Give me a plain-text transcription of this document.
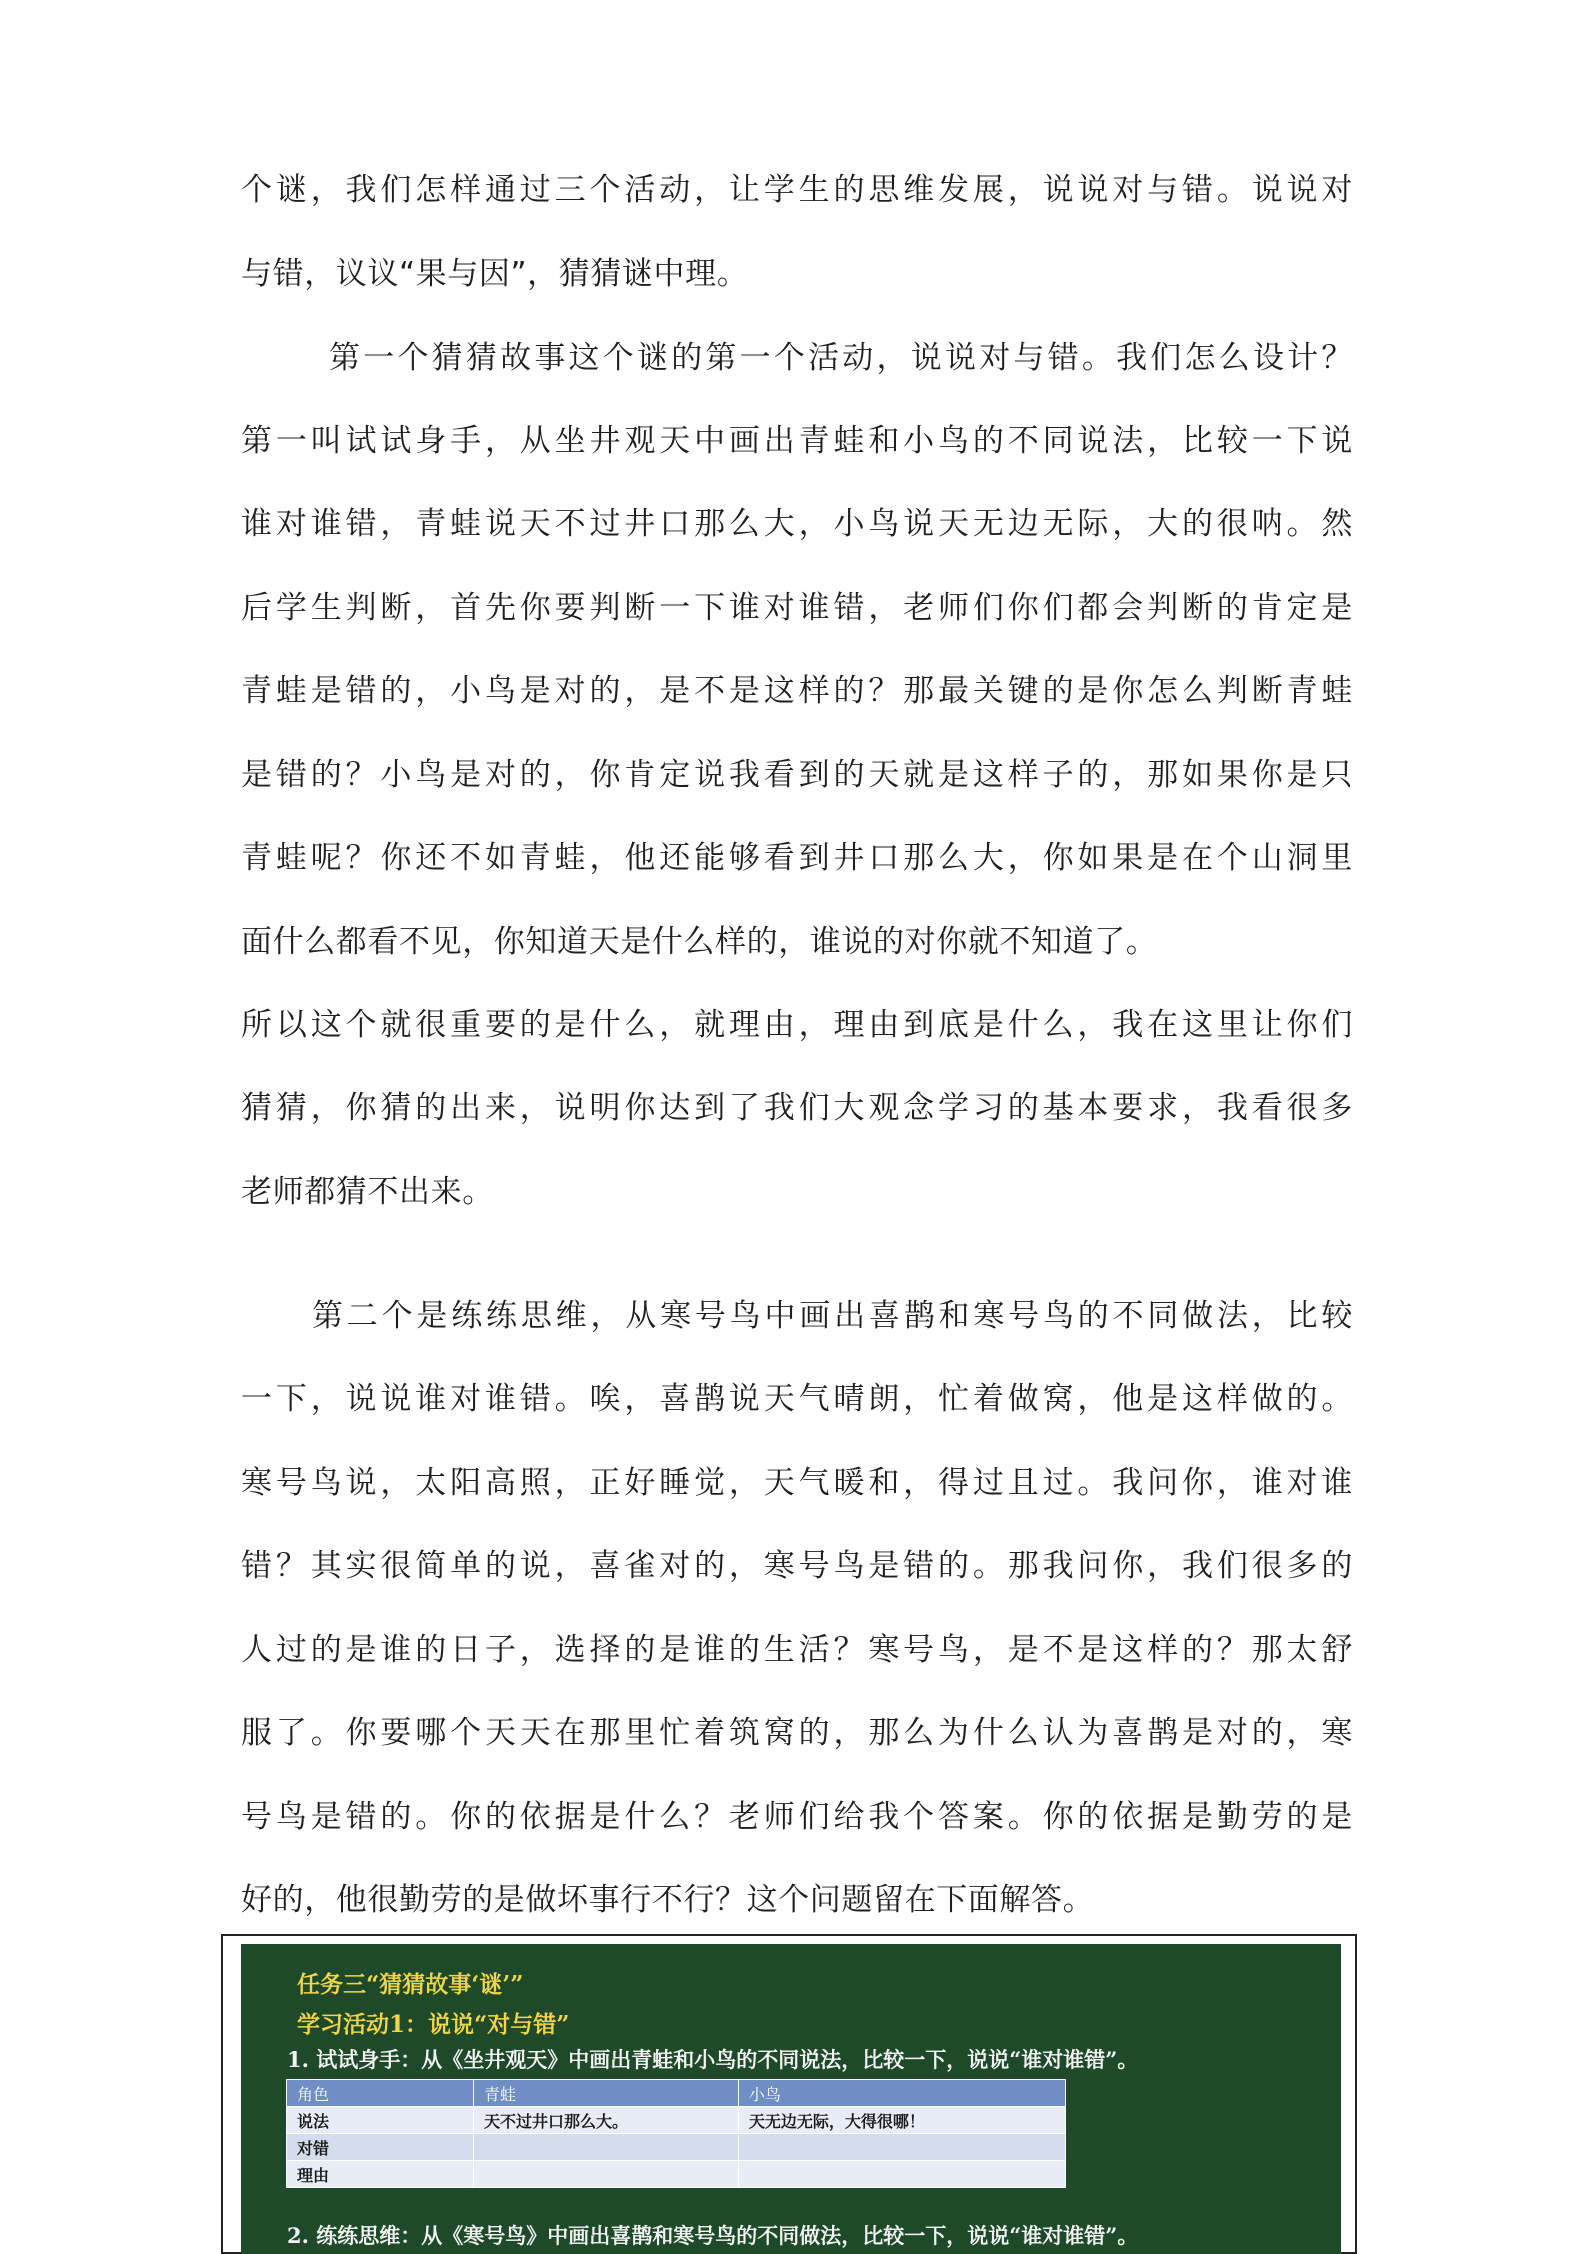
个谜，我们怎样通过三个活动，让学生的思维发展，说说对与错。说说对
与错，议议“果与因”，猜猜谜中理。
第一个猜猜故事这个谜的第一个活动，说说对与错。我们怎么设计？
第一叫试试身手，从坐井观天中画出青蛙和小鸟的不同说法，比较一下说
谁对谁错，青蛙说天不过井口那么大，小鸟说天无边无际，大的很呐。然
后学生判断，首先你要判断一下谁对谁错，老师们你们都会判断的肯定是
青蛙是错的，小鸟是对的，是不是这样的？那最关键的是你怎么判断青蛙
是错的？小鸟是对的，你肯定说我看到的天就是这样子的，那如果你是只
青蛙呢？你还不如青蛙，他还能够看到井口那么大，你如果是在个山洞里
面什么都看不见，你知道天是什么样的，谁说的对你就不知道了。
所以这个就很重要的是什么，就理由，理由到底是什么，我在这里让你们
猜猜，你猜的出来，说明你达到了我们大观念学习的基本要求，我看很多
老师都猜不出来。
第二个是练练思维，从寒号鸟中画出喜鹊和寒号鸟的不同做法，比较
一下，说说谁对谁错。唉，喜鹊说天气晴朗，忙着做窝，他是这样做的。
寒号鸟说，太阳高照，正好睡觉，天气暖和，得过且过。我问你，谁对谁
错？其实很简单的说，喜雀对的，寒号鸟是错的。那我问你，我们很多的
人过的是谁的日子，选择的是谁的生活？寒号鸟，是不是这样的？那太舒
服了。你要哪个天天在那里忙着筑窝的，那么为什么认为喜鹊是对的，寒
号鸟是错的。你的依据是什么？老师们给我个答案。你的依据是勤劳的是
好的，他很勤劳的是做坏事行不行？这个问题留在下面解答。
任务三“猜猜故事‘谜’”
学习活动1：说说“对与错”
1. 试试身手：从《坐井观天》中画出青蛙和小鸟的不同说法，比较一下，说说“谁对谁错”。
角色	青蛙	小鸟
说法	天不过井口那么大。	天无边无际，大得很哪！
对错		
理由		
2. 练练思维：从《寒号鸟》中画出喜鹊和寒号鸟的不同做法，比较一下，说说“谁对谁错”。
